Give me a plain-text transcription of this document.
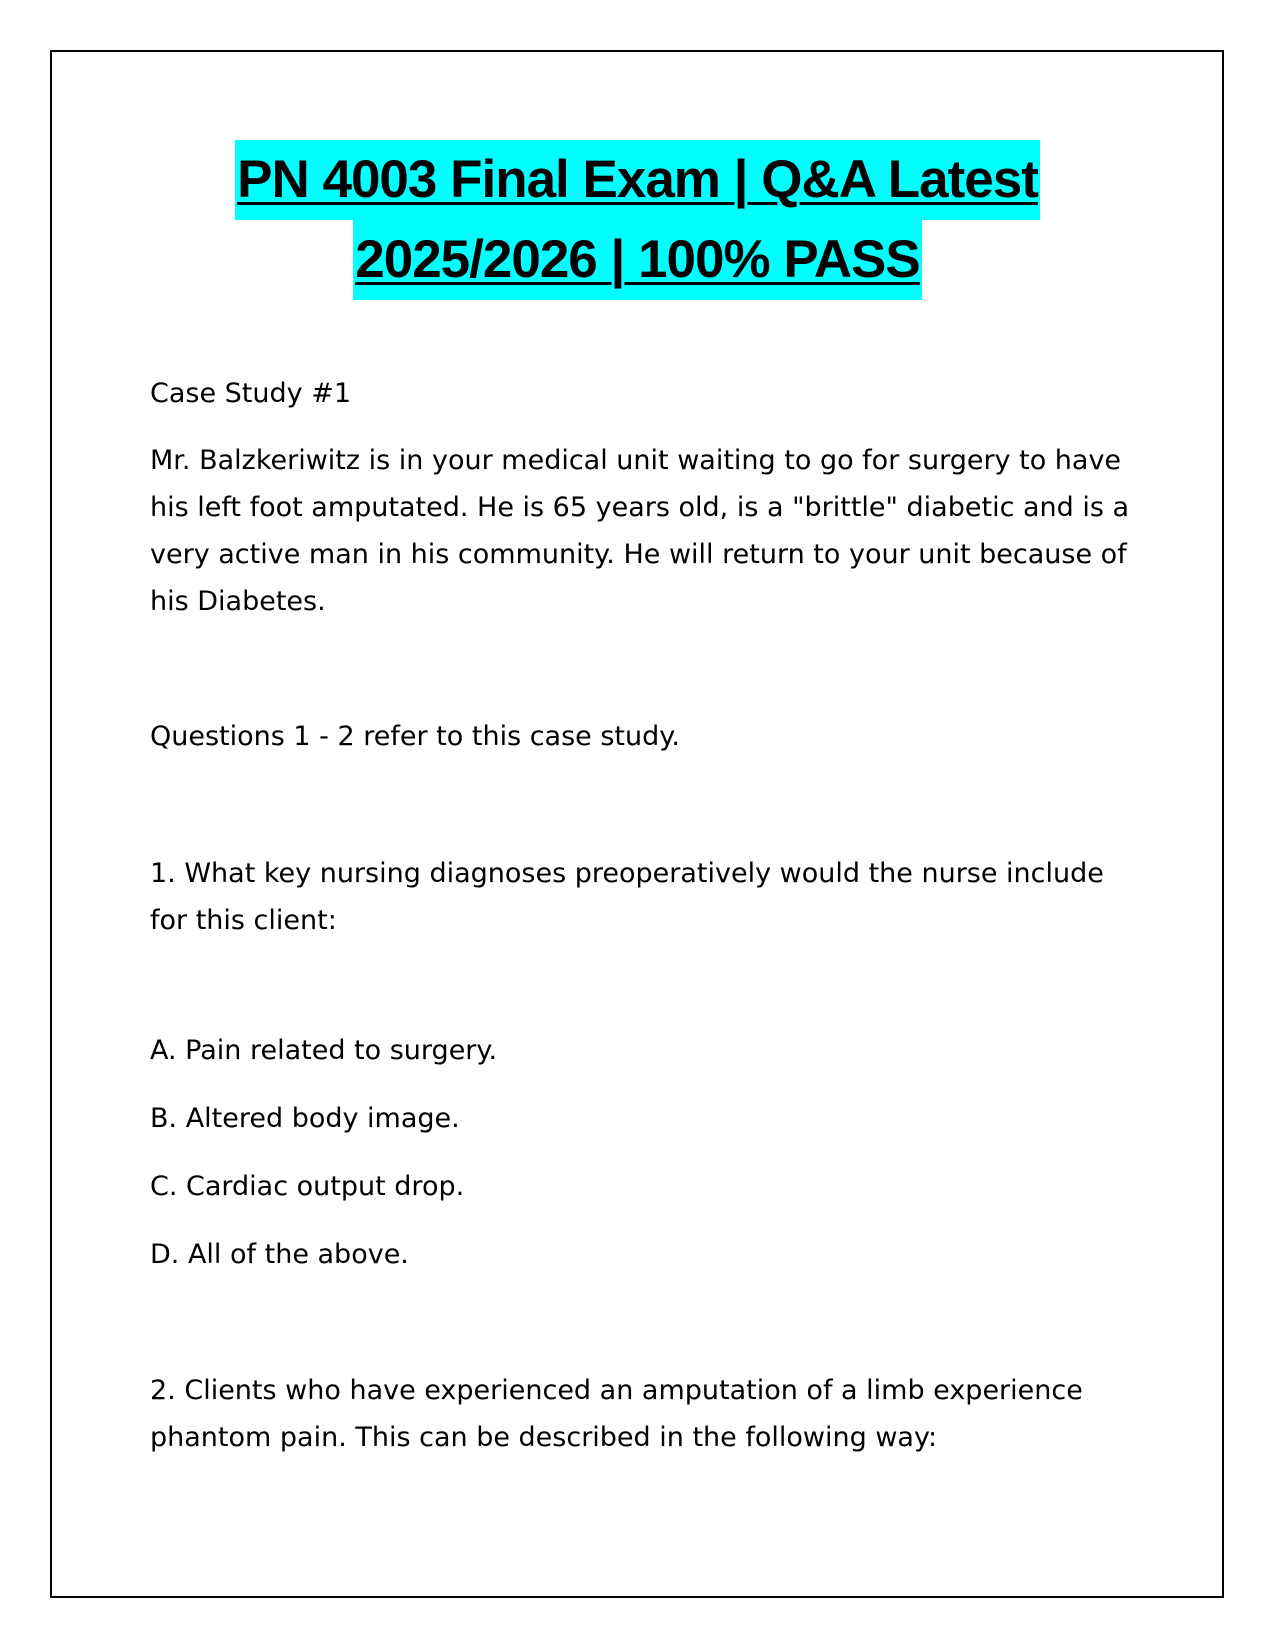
PN 4003 Final Exam | Q&A Latest
2025/2026 | 100% PASS

Case Study #1

Mr. Balzkeriwitz is in your medical unit waiting to go for surgery to have his left foot amputated. He is 65 years old, is a "brittle" diabetic and is a very active man in his community. He will return to your unit because of his Diabetes.

Questions 1 - 2 refer to this case study.

1. What key nursing diagnoses preoperatively would the nurse include for this client:

A. Pain related to surgery.

B. Altered body image.

C. Cardiac output drop.

D. All of the above.

2. Clients who have experienced an amputation of a limb experience phantom pain. This can be described in the following way:
